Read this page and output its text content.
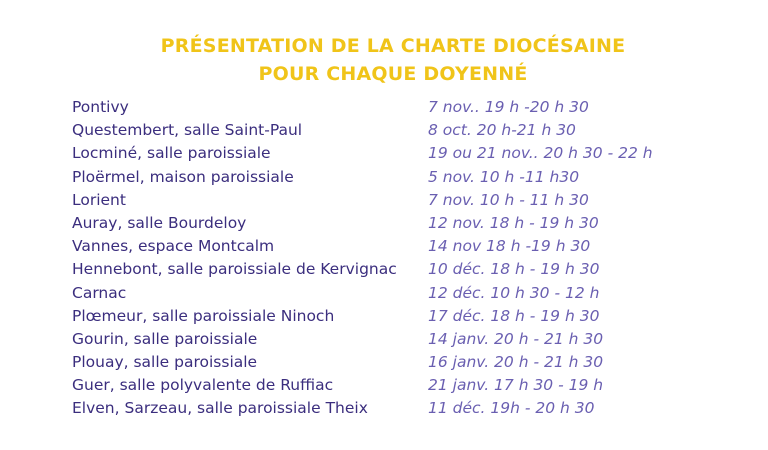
PRÉSENTATION DE LA CHARTE DIOCÉSAINE
POUR CHAQUE DOYENNÉ
Pontivy	7 nov.. 19 h -20 h 30
Questembert, salle Saint-Paul	8 oct. 20 h-21 h 30
Locminé, salle paroissiale	19 ou 21 nov.. 20 h 30 - 22 h
Ploërmel, maison paroissiale	5 nov. 10 h -11 h30
Lorient	7 nov. 10 h - 11 h 30
Auray, salle Bourdeloy	12 nov. 18 h - 19 h 30
Vannes, espace Montcalm	14 nov 18 h -19 h 30
Hennebont, salle paroissiale de Kervignac 10 déc. 18 h - 19 h 30
Carnac	12 déc. 10 h 30 - 12 h
Plœmeur, salle paroissiale Ninoch	17 déc. 18 h - 19 h 30
Gourin, salle paroissiale	14 janv. 20 h - 21 h 30
Plouay, salle paroissiale	16 janv. 20 h - 21 h 30
Guer, salle polyvalente de Ruffiac	21 janv. 17 h 30 - 19 h
Elven, Sarzeau, salle paroissiale Theix	11 déc. 19h - 20 h 30
